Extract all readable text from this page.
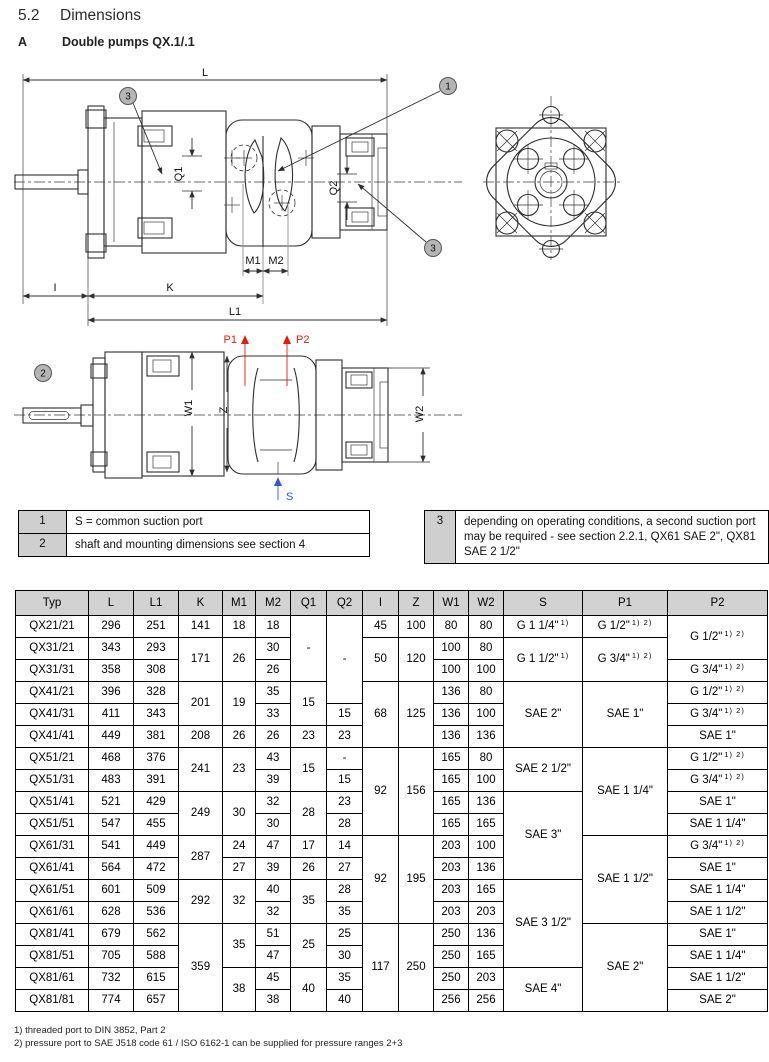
5.2 Dimensions
A	Double pumps QX.1/.1
L
I	K
L1
M1 M2
Q1
Q2
3
1
3
W1 Z	W2
P1	P2
S
2
1	S = common suction port
2	shaft and mounting dimensions see section 4
3	depending on operating conditions, a second suction port may be required - see section 2.2.1, QX61 SAE 2", QX81 SAE 2 1/2"
Typ	L	L1	K	M1	M2	Q1	Q2	I	Z	W1	W2	S	P1	P2
QX21/21	296	251	141	18	18	-	-	45	100	80	80	G 1 1/4" $^{1)}$	G 1/2" $^{1) 2)}$	G 1/2" $^{1) 2)}$
QX31/21	343	293	171	26	30			50	120	100	80	G 1 1/2" $^{1)}$	G 3/4" $^{1) 2)}$
QX31/31	358	308			26					100	100			G 3/4" $^{1) 2)}$
QX41/21	396	328	201	19	35	15		68	125	136	80	SAE 2"	SAE 1"	G 1/2" $^{1) 2)}$
QX41/31	411	343			33		15			136	100			G 3/4" $^{1) 2)}$
QX41/41	449	381	208	26	26	23	23			136	136			SAE 1"
QX51/21	468	376	241	23	43	15	-	92	156	165	80	SAE 2 1/2"	SAE 1 1/4"	G 1/2" $^{1) 2)}$
QX51/31	483	391			39		15			165	100			G 3/4" $^{1) 2)}$
QX51/41	521	429	249	30	32	28	23			165	136	SAE 3"		SAE 1"
QX51/51	547	455			30		28			165	165			SAE 1 1/4"
QX61/31	541	449	287	24	47	17	14	92	195	203	100		SAE 1 1/2"	G 3/4" $^{1) 2)}$
QX61/41	564	472		27	39	26	27			203	136			SAE 1"
QX61/51	601	509	292	32	40	35	28			203	165	SAE 3 1/2"		SAE 1 1/4"
QX61/61	628	536			32		35			203	203			SAE 1 1/2"
QX81/41	679	562	359	35	51	25	25	117	250	250	136		SAE 2"	SAE 1"
QX81/51	705	588			47		30			250	165			SAE 1 1/4"
QX81/61	732	615		38	45	40	35			250	203	SAE 4"		SAE 1 1/2"
QX81/81	774	657			38		40			256	256			SAE 2"
1) threaded port to DIN 3852, Part 2
2) pressure port to SAE J518 code 61 / ISO 6162-1 can be supplied for pressure ranges 2+3
